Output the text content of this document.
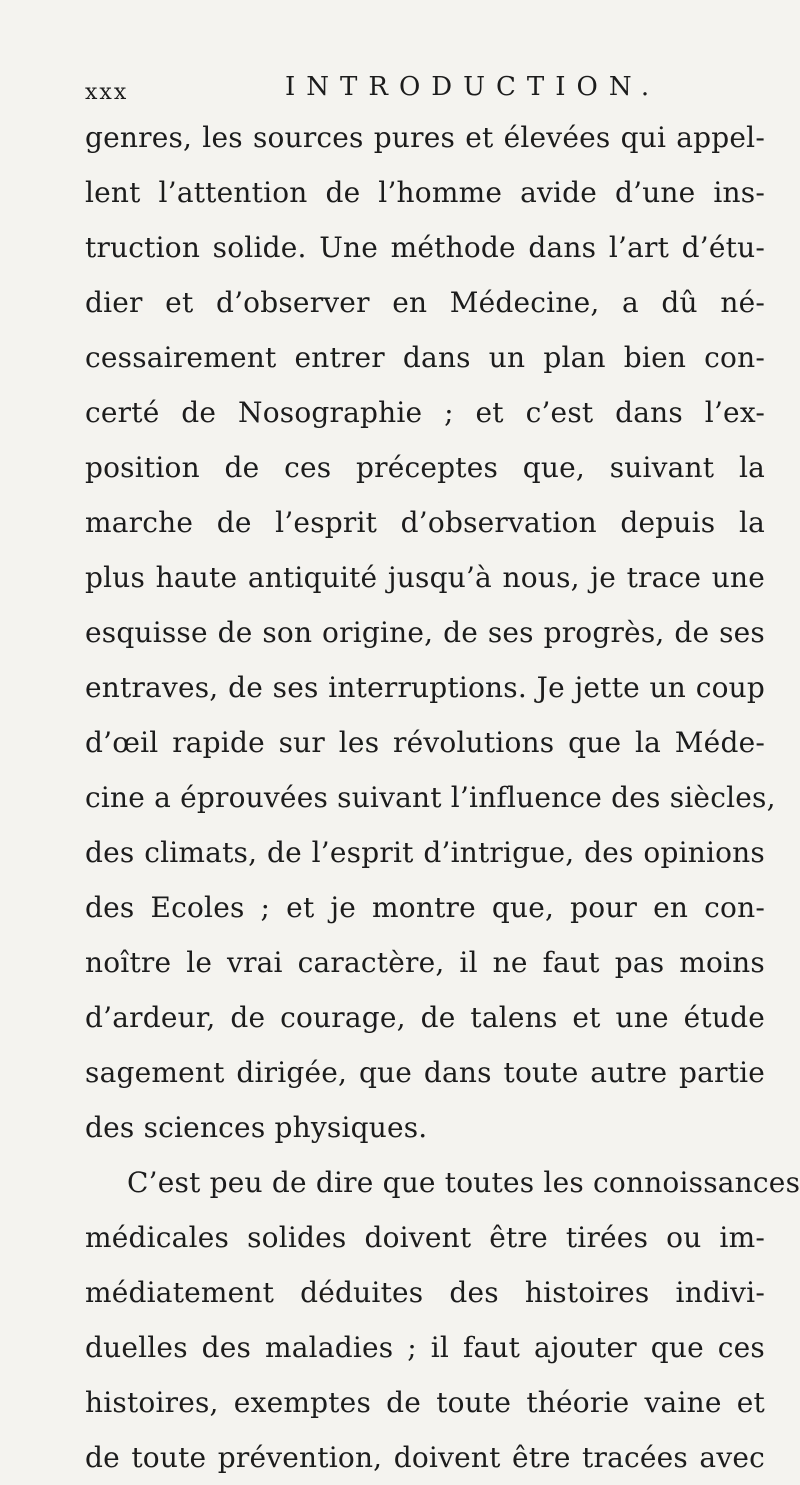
xxx	INTRODUCTION.
genres, les sources pures et élevées qui appel-
lent l’attention de l’homme avide d’une ins-
truction solide. Une méthode dans l’art d’étu-
dier et d’observer en Médecine, a dû né-
cessairement entrer dans un plan bien con-
certé de Nosographie ; et c’est dans l’ex-
position de ces préceptes que, suivant la
marche de l’esprit d’observation depuis la
plus haute antiquité jusqu’à nous, je trace une
esquisse de son origine, de ses progrès, de ses
entraves, de ses interruptions. Je jette un coup
d’œil rapide sur les révolutions que la Méde-
cine a éprouvées suivant l’influence des siècles,
des climats, de l’esprit d’intrigue, des opinions
des Ecoles ; et je montre que, pour en con-
noître le vrai caractère, il ne faut pas moins
d’ardeur, de courage, de talens et une étude
sagement dirigée, que dans toute autre partie
des sciences physiques.
C’est peu de dire que toutes les connoissances
médicales solides doivent être tirées ou im-
médiatement déduites des histoires indivi-
duelles des maladies ; il faut ajouter que ces
histoires, exemptes de toute théorie vaine et
de toute prévention, doivent être tracées avec
